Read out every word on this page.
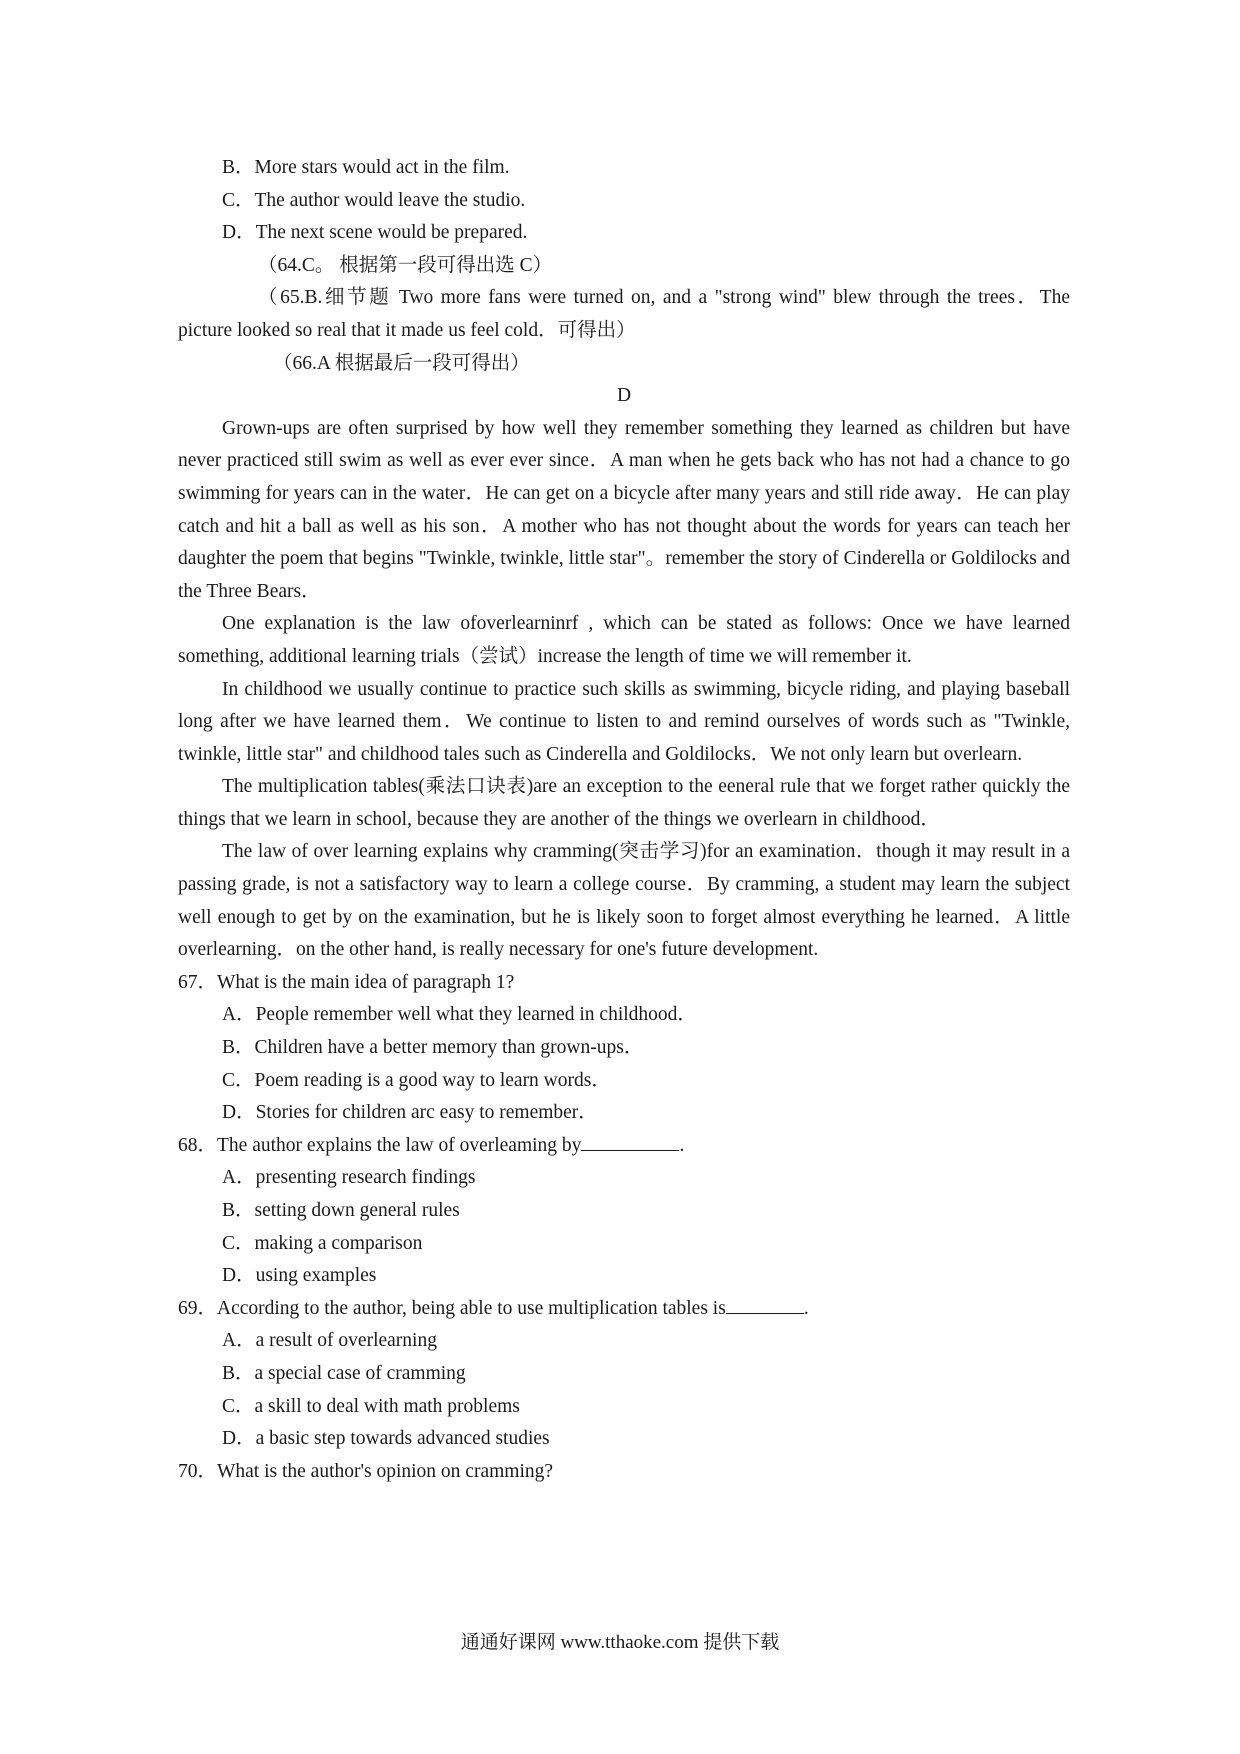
B．More stars would act in the film.
C．The author would leave the studio.
D．The next scene would be prepared.
（64.C。 根据第一段可得出选 C）
（65.B.细节题 Two more fans were turned on, and a "strong wind" blew through the trees．The picture looked so real that it made us feel cold．可得出）
（66.A 根据最后一段可得出）
D
Grown-ups are often surprised by how well they remember something they learned as children but have never practiced still swim as well as ever ever since．A man when he gets back who has not had a chance to go swimming for years can in the water．He can get on a bicycle after many years and still ride away．He can play catch and hit a ball as well as his son．A mother who has not thought about the words for years can teach her daughter the poem that begins "Twinkle, twinkle, little star"。remember the story of Cinderella or Goldilocks and the Three Bears．
One explanation is the law ofoverlearninrf , which can be stated as follows: Once we have learned something, additional learning trials（尝试）increase the length of time we will remember it.
In childhood we usually continue to practice such skills as swimming, bicycle riding, and playing baseball long after we have learned them．We continue to listen to and remind ourselves of words such as "Twinkle, twinkle, little star" and childhood tales such as Cinderella and Goldilocks．We not only learn but overlearn.
The multiplication tables(乘法口诀表)are an exception to the eeneral rule that we forget rather quickly the things that we learn in school, because they are another of the things we overlearn in childhood．
The law of over learning explains why cramming(突击学习)for an examination．though it may result in a passing grade, is not a satisfactory way to learn a college course．By cramming, a student may learn the subject well enough to get by on the examination, but he is likely soon to forget almost everything he learned．A little overlearning．on the other hand, is really necessary for one's future development.
67．What is the main idea of paragraph 1?
A．People remember well what they learned in childhood．
B．Children have a better memory than grown-ups．
C．Poem reading is a good way to learn words．
D．Stories for children arc easy to remember．
68．The author explains the law of overleaming by	.
A．presenting research findings
B．setting down general rules
C．making a comparison
D．using examples
69．According to the author, being able to use multiplication tables is	.
A．a result of overlearning
B．a special case of cramming
C．a skill to deal with math problems
D．a basic step towards advanced studies
70．What is the author's opinion on cramming?
通通好课网 www.tthaoke.com 提供下载
